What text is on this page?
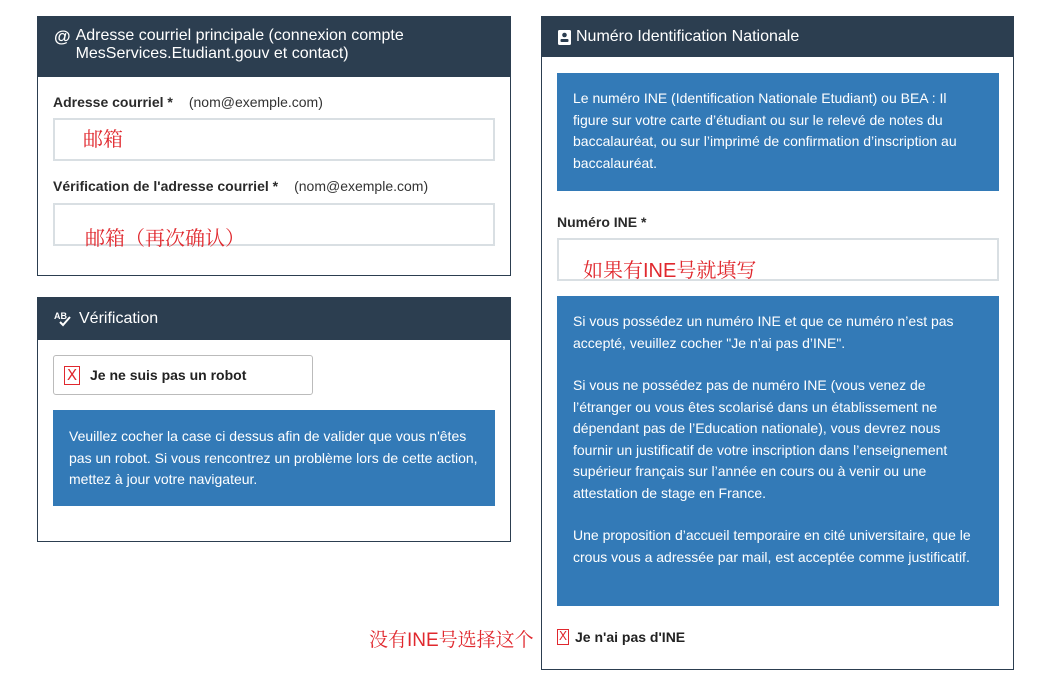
@ Adresse courriel principale (connexion compte MesServices.Etudiant.gouv et contact)
Adresse courriel * (nom@exemple.com)
邮箱
Vérification de l'adresse courriel * (nom@exemple.com)
邮箱（再次确认）
AB Vérification
X Je ne suis pas un robot

Veuillez cocher la case ci dessus afin de valider que vous n'êtes pas un robot. Si vous rencontrez un problème lors de cette action, mettez à jour votre navigateur.

Numéro Identification Nationale

Le numéro INE (Identification Nationale Etudiant) ou BEA : Il figure sur votre carte d’étudiant ou sur le relevé de notes du baccalauréat, ou sur l’imprimé de confirmation d’inscription au baccalauréat.

Numéro INE *
如果有INE号就填写

Si vous possédez un numéro INE et que ce numéro n’est pas accepté, veuillez cocher "Je n’ai pas d’INE".

Si vous ne possédez pas de numéro INE (vous venez de l’étranger ou vous êtes scolarisé dans un établissement ne dépendant pas de l’Education nationale), vous devrez nous fournir un justificatif de votre inscription dans l’enseignement supérieur français sur l’année en cours ou à venir ou une attestation de stage en France.

Une proposition d’accueil temporaire en cité universitaire, que le crous vous a adressée par mail, est acceptée comme justificatif.

X Je n'ai pas d'INE
没有INE号选择这个
